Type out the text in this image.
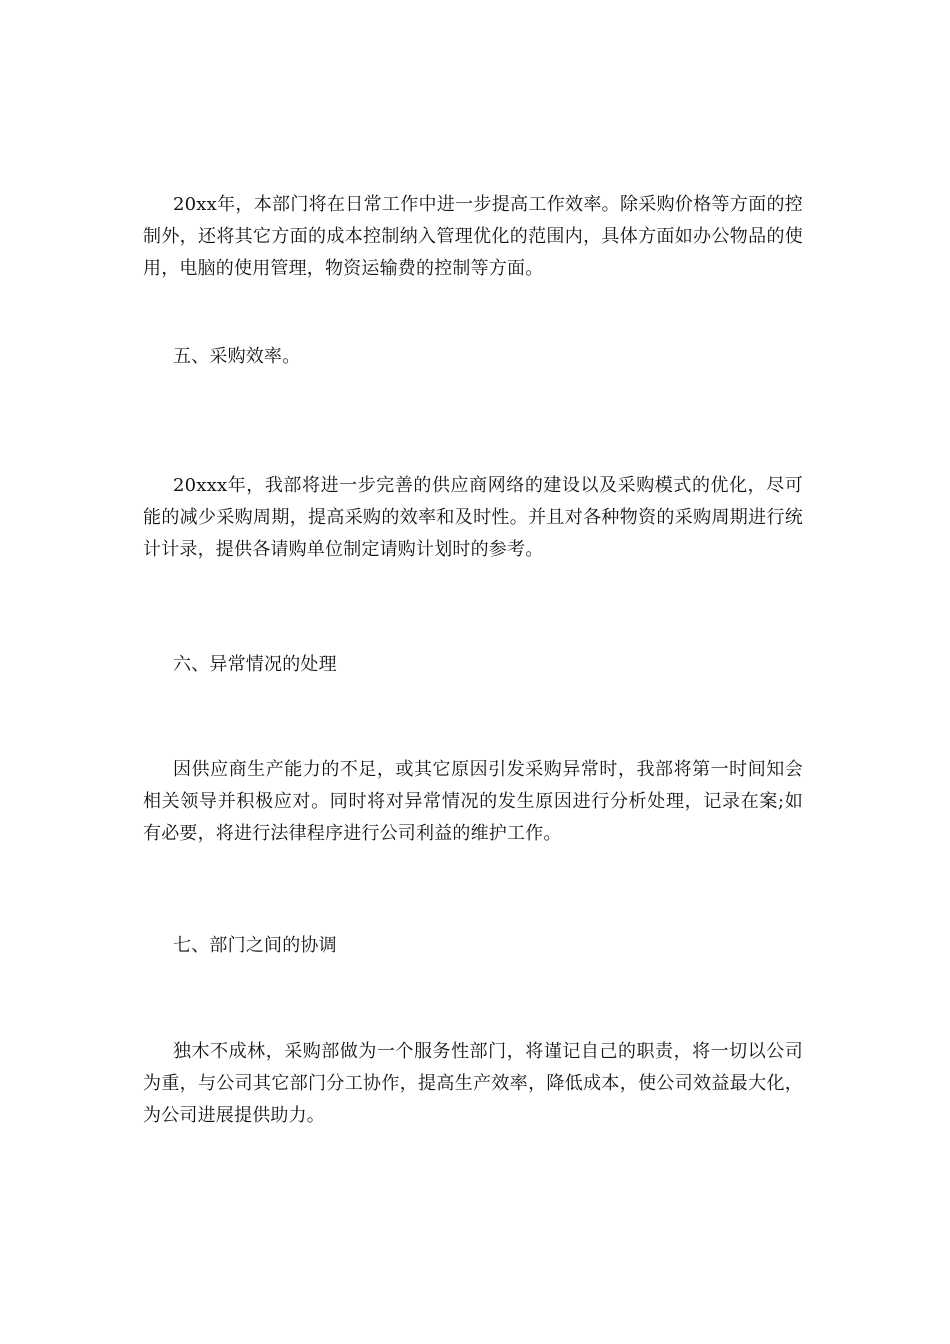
20xx年，本部门将在日常工作中进一步提高工作效率。除采购价格等方面的控制外，还将其它方面的成本控制纳入管理优化的范围内，具体方面如办公物品的使用，电脑的使用管理，物资运输费的控制等方面。

五、采购效率。

20xxx年，我部将进一步完善的供应商网络的建设以及采购模式的优化，尽可能的减少采购周期，提高采购的效率和及时性。并且对各种物资的采购周期进行统计计录，提供各请购单位制定请购计划时的参考。

六、异常情况的处理

因供应商生产能力的不足，或其它原因引发采购异常时，我部将第一时间知会相关领导并积极应对。同时将对异常情况的发生原因进行分析处理，记录在案;如有必要，将进行法律程序进行公司利益的维护工作。

七、部门之间的协调

独木不成林，采购部做为一个服务性部门，将谨记自己的职责，将一切以公司为重，与公司其它部门分工协作，提高生产效率，降低成本，使公司效益最大化，为公司进展提供助力。
